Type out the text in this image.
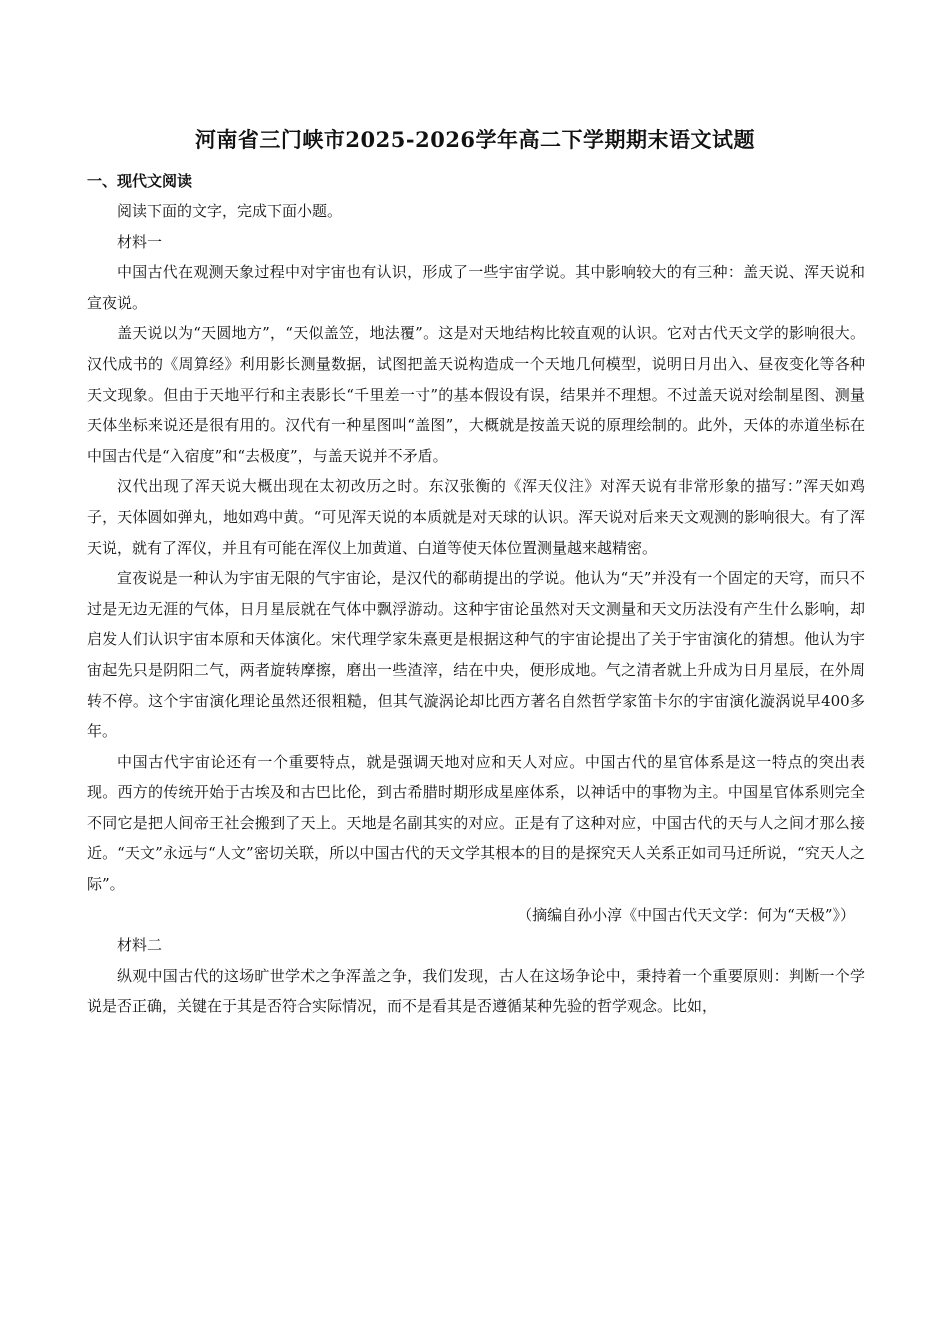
河南省三门峡市2025-2026学年高二下学期期末语文试题
一、现代文阅读

阅读下面的文字，完成下面小题。

材料一

中国古代在观测天象过程中对宇宙也有认识，形成了一些宇宙学说。其中影响较大的有三种：盖天说、浑天说和宣夜说。

盖天说以为“天圆地方”，“天似盖笠，地法覆”。这是对天地结构比较直观的认识。它对古代天文学的影响很大。汉代成书的《周算经》利用影长测量数据，试图把盖天说构造成一个天地几何模型，说明日月出入、昼夜变化等各种天文现象。但由于天地平行和主表影长“千里差一寸”的基本假设有误，结果并不理想。不过盖天说对绘制星图、测量天体坐标来说还是很有用的。汉代有一种星图叫“盖图”，大概就是按盖天说的原理绘制的。此外，天体的赤道坐标在中国古代是“入宿度”和“去极度”，与盖天说并不矛盾。

汉代出现了浑天说大概出现在太初改历之时。东汉张衡的《浑天仪注》对浑天说有非常形象的描写：”浑天如鸡子，天体圆如弹丸，地如鸡中黄。“可见浑天说的本质就是对天球的认识。浑天说对后来天文观测的影响很大。有了浑天说，就有了浑仪，并且有可能在浑仪上加黄道、白道等使天体位置测量越来越精密。

宣夜说是一种认为宇宙无限的气宇宙论，是汉代的郗萌提出的学说。他认为“天”并没有一个固定的天穹，而只不过是无边无涯的气体，日月星辰就在气体中飘浮游动。这种宇宙论虽然对天文测量和天文历法没有产生什么影响，却启发人们认识宇宙本原和天体演化。宋代理学家朱熹更是根据这种气的宇宙论提出了关于宇宙演化的猜想。他认为宇宙起先只是阴阳二气，两者旋转摩擦，磨出一些渣滓，结在中央，便形成地。气之清者就上升成为日月星辰，在外周转不停。这个宇宙演化理论虽然还很粗糙，但其气漩涡论却比西方著名自然哲学家笛卡尔的宇宙演化漩涡说早400多年。

中国古代宇宙论还有一个重要特点，就是强调天地对应和天人对应。中国古代的星官体系是这一特点的突出表现。西方的传统开始于古埃及和古巴比伦，到古希腊时期形成星座体系，以神话中的事物为主。中国星官体系则完全不同它是把人间帝王社会搬到了天上。天地是名副其实的对应。正是有了这种对应，中国古代的天与人之间才那么接近。“天文”永远与“人文”密切关联，所以中国古代的天文学其根本的目的是探究天人关系正如司马迁所说，“究天人之际”。

（摘编自孙小淳《中国古代天文学：何为“天极”》）

材料二

纵观中国古代的这场旷世学术之争浑盖之争，我们发现，古人在这场争论中，秉持着一个重要原则：判断一个学说是否正确，关键在于其是否符合实际情况，而不是看其是否遵循某种先验的哲学观念。比如，
